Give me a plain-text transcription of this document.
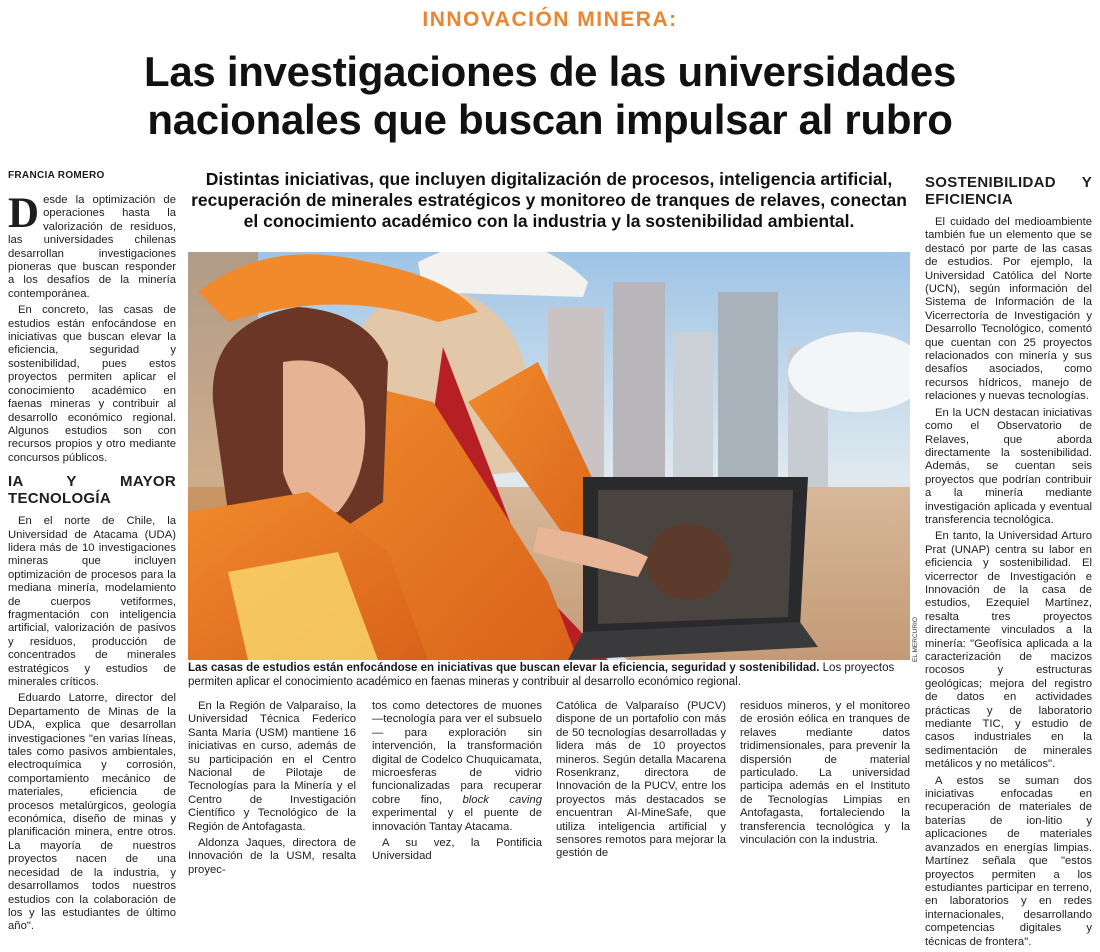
INNOVACIÓN MINERA:
Las investigaciones de las universidades
nacionales que buscan impulsar al rubro
FRANCIA ROMERO	Distintas iniciativas, que incluyen digitalización de procesos, inteligencia artificial, recuperación de minerales estratégicos y monitoreo de tranques de relaves, conectan el conocimiento académico con la industria y la sostenibilidad ambiental.

Desde la optimización de operaciones hasta la valorización de residuos, las universidades chilenas desarrollan investigaciones pioneras que buscan responder a los desafíos de la minería contemporánea.

En concreto, las casas de estudios están enfocándose en iniciativas que buscan elevar la eficiencia, seguridad y sostenibilidad, pues estos proyectos permiten aplicar el conocimiento académico en faenas mineras y contribuir al desarrollo económico regional. Algunos estudios son con recursos propios y otro mediante concursos públicos.

IA Y MAYOR TECNOLOGÍA

En el norte de Chile, la Universidad de Atacama (UDA) lidera más de 10 investigaciones mineras que incluyen optimización de procesos para la mediana minería, modelamiento de cuerpos vetiformes, fragmentación con inteligencia artificial, valorización de pasivos y residuos, producción de concentrados de minerales estratégicos y estudios de minerales críticos.

Eduardo Latorre, director del Departamento de Minas de la UDA, explica que desarrollan investigaciones "en varias líneas, tales como pasivos ambientales, electroquímica y corrosión, comportamiento mecánico de materiales, eficiencia de procesos metalúrgicos, geología económica, diseño de minas y planificación minera, entre otros. La mayoría de nuestros proyectos nacen de una necesidad de la industria, y desarrollamos todos nuestros estudios con la colaboración de los y las estudiantes de último año".

SOSTENIBILIDAD Y EFICIENCIA

El cuidado del medioambiente también fue un elemento que se destacó por parte de las casas de estudios. Por ejemplo, la Universidad Católica del Norte (UCN), según información del Sistema de Información de la Vicerrectoría de Investigación y Desarrollo Tecnológico, comentó que cuentan con 25 proyectos relacionados con minería y sus desafíos asociados, como recursos hídricos, manejo de relaciones y nuevas tecnologías.

En la UCN destacan iniciativas como el Observatorio de Relaves, que aborda directamente la sostenibilidad. Además, se cuentan seis proyectos que podrían contribuir a la minería mediante investigación aplicada y eventual transferencia tecnológica.

En tanto, la Universidad Arturo Prat (UNAP) centra su labor en eficiencia y sostenibilidad. El vicerrector de Investigación e Innovación de la casa de estudios, Ezequiel Martínez, resalta tres proyectos directamente vinculados a la minería: "Geofísica aplicada a la caracterización de macizos rocosos y estructuras geológicas; mejora del registro de datos en actividades prácticas y de laboratorio mediante TIC, y estudio de casos industriales en la sedimentación de minerales metálicos y no metálicos".

A estos se suman dos iniciativas enfocadas en recuperación de materiales de baterías de ion-litio y aplicaciones de materiales avanzados en energías limpias. Martínez señala que "estos proyectos permiten a los estudiantes participar en terreno, en laboratorios y en redes internacionales, desarrollando competencias digitales y técnicas de frontera".

EL MERCURIO
Las casas de estudios están enfocándose en iniciativas que buscan elevar la eficiencia, seguridad y sostenibilidad. Los proyectos permiten aplicar el conocimiento académico en faenas mineras y contribuir al desarrollo económico regional.

En la Región de Valparaíso, la Universidad Técnica Federico Santa María (USM) mantiene 16 iniciativas en curso, además de su participación en el Centro Nacional de Pilotaje de Tecnologías para la Minería y el Centro de Investigación Científico y Tecnológico de la Región de Antofagasta.

Aldonza Jaques, directora de Innovación de la USM, resalta proyec-

tos como detectores de muones —tecnología para ver el subsuelo— para exploración sin intervención, la transformación digital de Codelco Chuquicamata, microesferas de vidrio funcionalizadas para recuperar cobre fino, block caving experimental y el puente de innovación Tantay Atacama.

A su vez, la Pontificia Universidad

Católica de Valparaíso (PUCV) dispone de un portafolio con más de 50 tecnologías desarrolladas y lidera más de 10 proyectos mineros. Según detalla Macarena Rosenkranz, directora de Innovación de la PUCV, entre los proyectos más destacados se encuentran AI-MineSafe, que utiliza inteligencia artificial y sensores remotos para mejorar la gestión de

residuos mineros, y el monitoreo de erosión eólica en tranques de relaves mediante datos tridimensionales, para prevenir la dispersión de material particulado. La universidad participa además en el Instituto de Tecnologías Limpias en Antofagasta, fortaleciendo la transferencia tecnológica y la vinculación con la industria.
